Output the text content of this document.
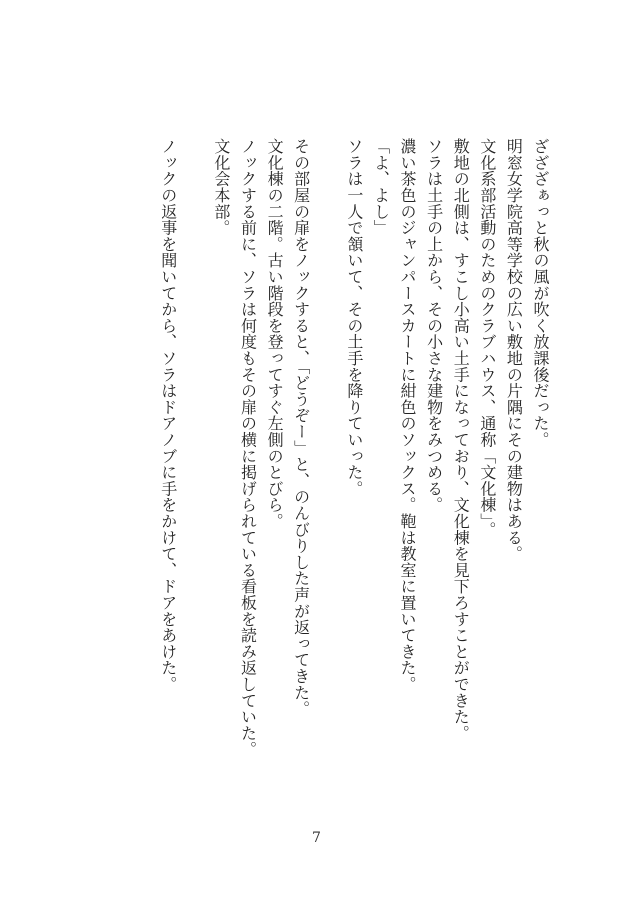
ざざざぁっと秋の風が吹く放課後だった。
明窓女学院高等学校の広い敷地の片隅にその建物はある。
文化系部活動のためのクラブハウス、通称「文化棟」。
敷地の北側は、すこし小高い土手になっており、文化棟を見下ろすことができた。
ソラは土手の上から、その小さな建物をみつめる。
濃い茶色のジャンパースカートに紺色のソックス。鞄は教室に置いてきた。
「よ、よし」
ソラは一人で頷いて、その土手を降りていった。
その部屋の扉をノックすると、「どうぞー」と、のんびりした声が返ってきた。
文化棟の二階。古い階段を登ってすぐ左側のとびら。
ノックする前に、ソラは何度もその扉の横に掲げられている看板を読み返していた。
文化会本部。
ノックの返事を聞いてから、ソラはドアノブに手をかけて、ドアをあけた。
7
